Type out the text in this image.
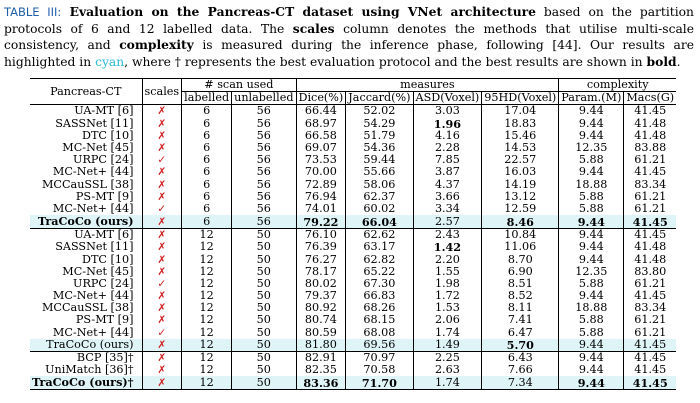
TABLE III: Evaluation on the Pancreas-CT dataset using VNet architecture based on the partition protocols of 6 and 12 labelled data. The scales column denotes the methods that utilise multi-scale consistency, and complexity is measured during the inference phase, following [44]. Our results are highlighted in cyan, where † represents the best evaluation protocol and the best results are shown in bold.
Pancreas-CT	scales	# scan used		measures				complexity	
		labelled	unlabelled	Dice(%)	Jaccard(%)	ASD(Voxel)	95HD(Voxel)	Param.(M)	Macs(G)
UA-MT [6]	✗	6	56	66.44	52.02	3.03	17.04	9.44	41.45
SASSNet [11]	✗	6	56	68.97	54.29	1.96	18.83	9.44	41.48
DTC [10]	✗	6	56	66.58	51.79	4.16	15.46	9.44	41.48
MC-Net [45]	✗	6	56	69.07	54.36	2.28	14.53	12.35	83.88
URPC [24]	✓	6	56	73.53	59.44	7.85	22.57	5.88	61.21
MC-Net+ [44]	✗	6	56	70.00	55.66	3.87	16.03	9.44	41.45
MCCauSSL [38]	✗	6	56	72.89	58.06	4.37	14.19	18.88	83.34
PS-MT [9]	✗	6	56	76.94	62.37	3.66	13.12	5.88	61.21
MC-Net+ [44]	✓	6	56	74.01	60.02	3.34	12.59	5.88	61.21
TraCoCo (ours)	✗	6	56	79.22	66.04	2.57	8.46	9.44	41.45
UA-MT [6]	✗	12	50	76.10	62.62	2.43	10.84	9.44	41.45
SASSNet [11]	✗	12	50	76.39	63.17	1.42	11.06	9.44	41.48
DTC [10]	✗	12	50	76.27	62.82	2.20	8.70	9.44	41.48
MC-Net [45]	✗	12	50	78.17	65.22	1.55	6.90	12.35	83.80
URPC [24]	✓	12	50	80.02	67.30	1.98	8.51	5.88	61.21
MC-Net+ [44]	✗	12	50	79.37	66.83	1.72	8.52	9.44	41.45
MCCauSSL [38]	✗	12	50	80.92	68.26	1.53	8.11	18.88	83.34
PS-MT [9]	✗	12	50	80.74	68.15	2.06	7.41	5.88	61.21
MC-Net+ [44]	✓	12	50	80.59	68.08	1.74	6.47	5.88	61.21
TraCoCo (ours)	✗	12	50	81.80	69.56	1.49	5.70	9.44	41.45
BCP [35]†	✗	12	50	82.91	70.97	2.25	6.43	9.44	41.45
UniMatch [36]†	✗	12	50	82.35	70.58	2.63	7.66	9.44	41.45
TraCoCo (ours)†	✗	12	50	83.36	71.70	1.74	7.34	9.44	41.45
